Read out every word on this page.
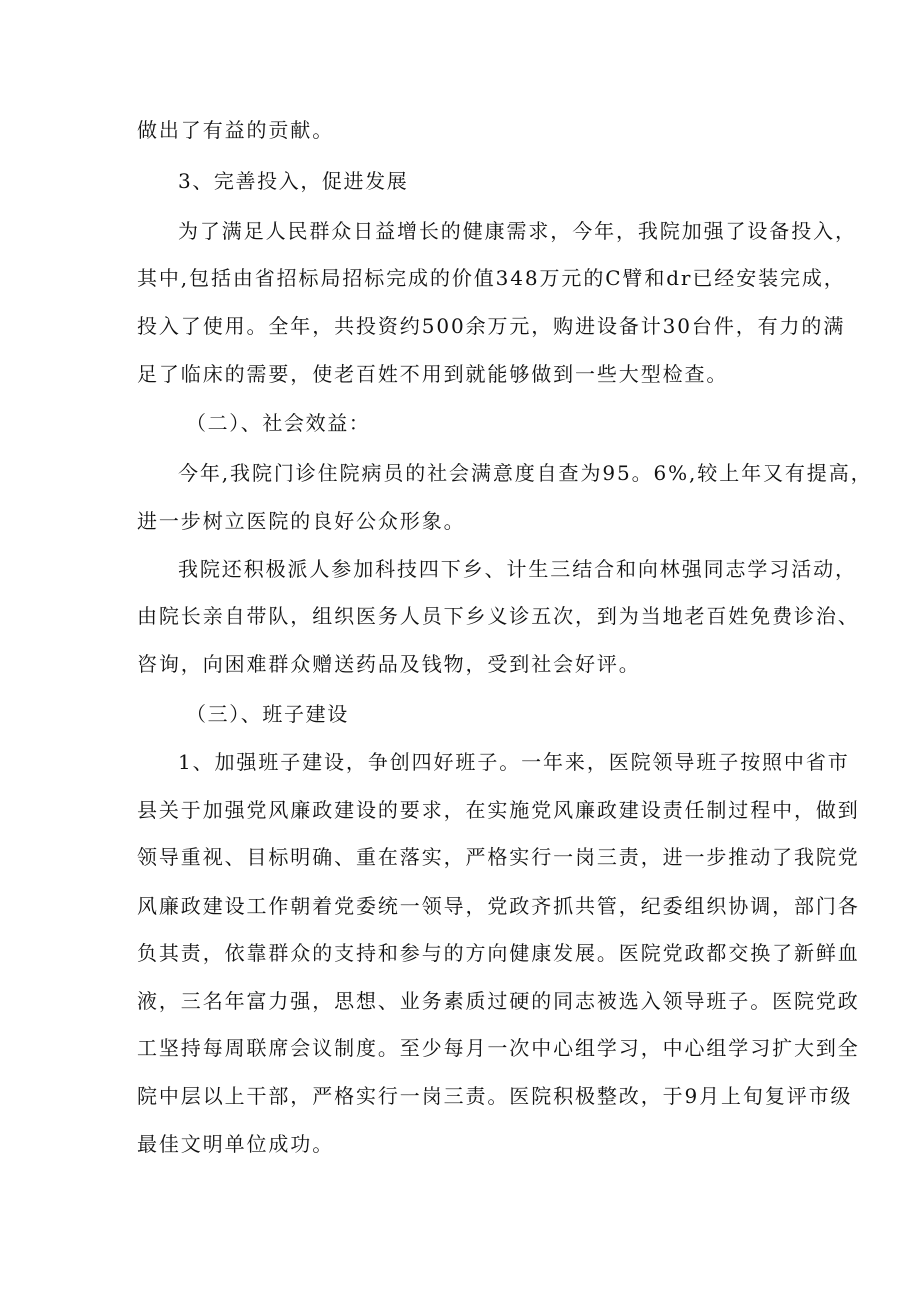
做出了有益的贡献。
3、完善投入，促进发展
为了满足人民群众日益增长的健康需求，今年，我院加强了设备投入，
其中,包括由省招标局招标完成的价值348万元的C臂和dr已经安装完成，
投入了使用。全年，共投资约500余万元，购进设备计30台件，有力的满
足了临床的需要，使老百姓不用到就能够做到一些大型检查。
（二）、社会效益：
今年,我院门诊住院病员的社会满意度自查为95。6%,较上年又有提高，
进一步树立医院的良好公众形象。
我院还积极派人参加科技四下乡、计生三结合和向林强同志学习活动，
由院长亲自带队，组织医务人员下乡义诊五次，到为当地老百姓免费诊治、
咨询，向困难群众赠送药品及钱物，受到社会好评。
（三）、班子建设
1、加强班子建设，争创四好班子。一年来，医院领导班子按照中省市
县关于加强党风廉政建设的要求，在实施党风廉政建设责任制过程中，做到
领导重视、目标明确、重在落实，严格实行一岗三责，进一步推动了我院党
风廉政建设工作朝着党委统一领导，党政齐抓共管，纪委组织协调，部门各
负其责，依靠群众的支持和参与的方向健康发展。医院党政都交换了新鲜血
液，三名年富力强，思想、业务素质过硬的同志被选入领导班子。医院党政
工坚持每周联席会议制度。至少每月一次中心组学习，中心组学习扩大到全
院中层以上干部，严格实行一岗三责。医院积极整改，于9月上旬复评市级
最佳文明单位成功。
